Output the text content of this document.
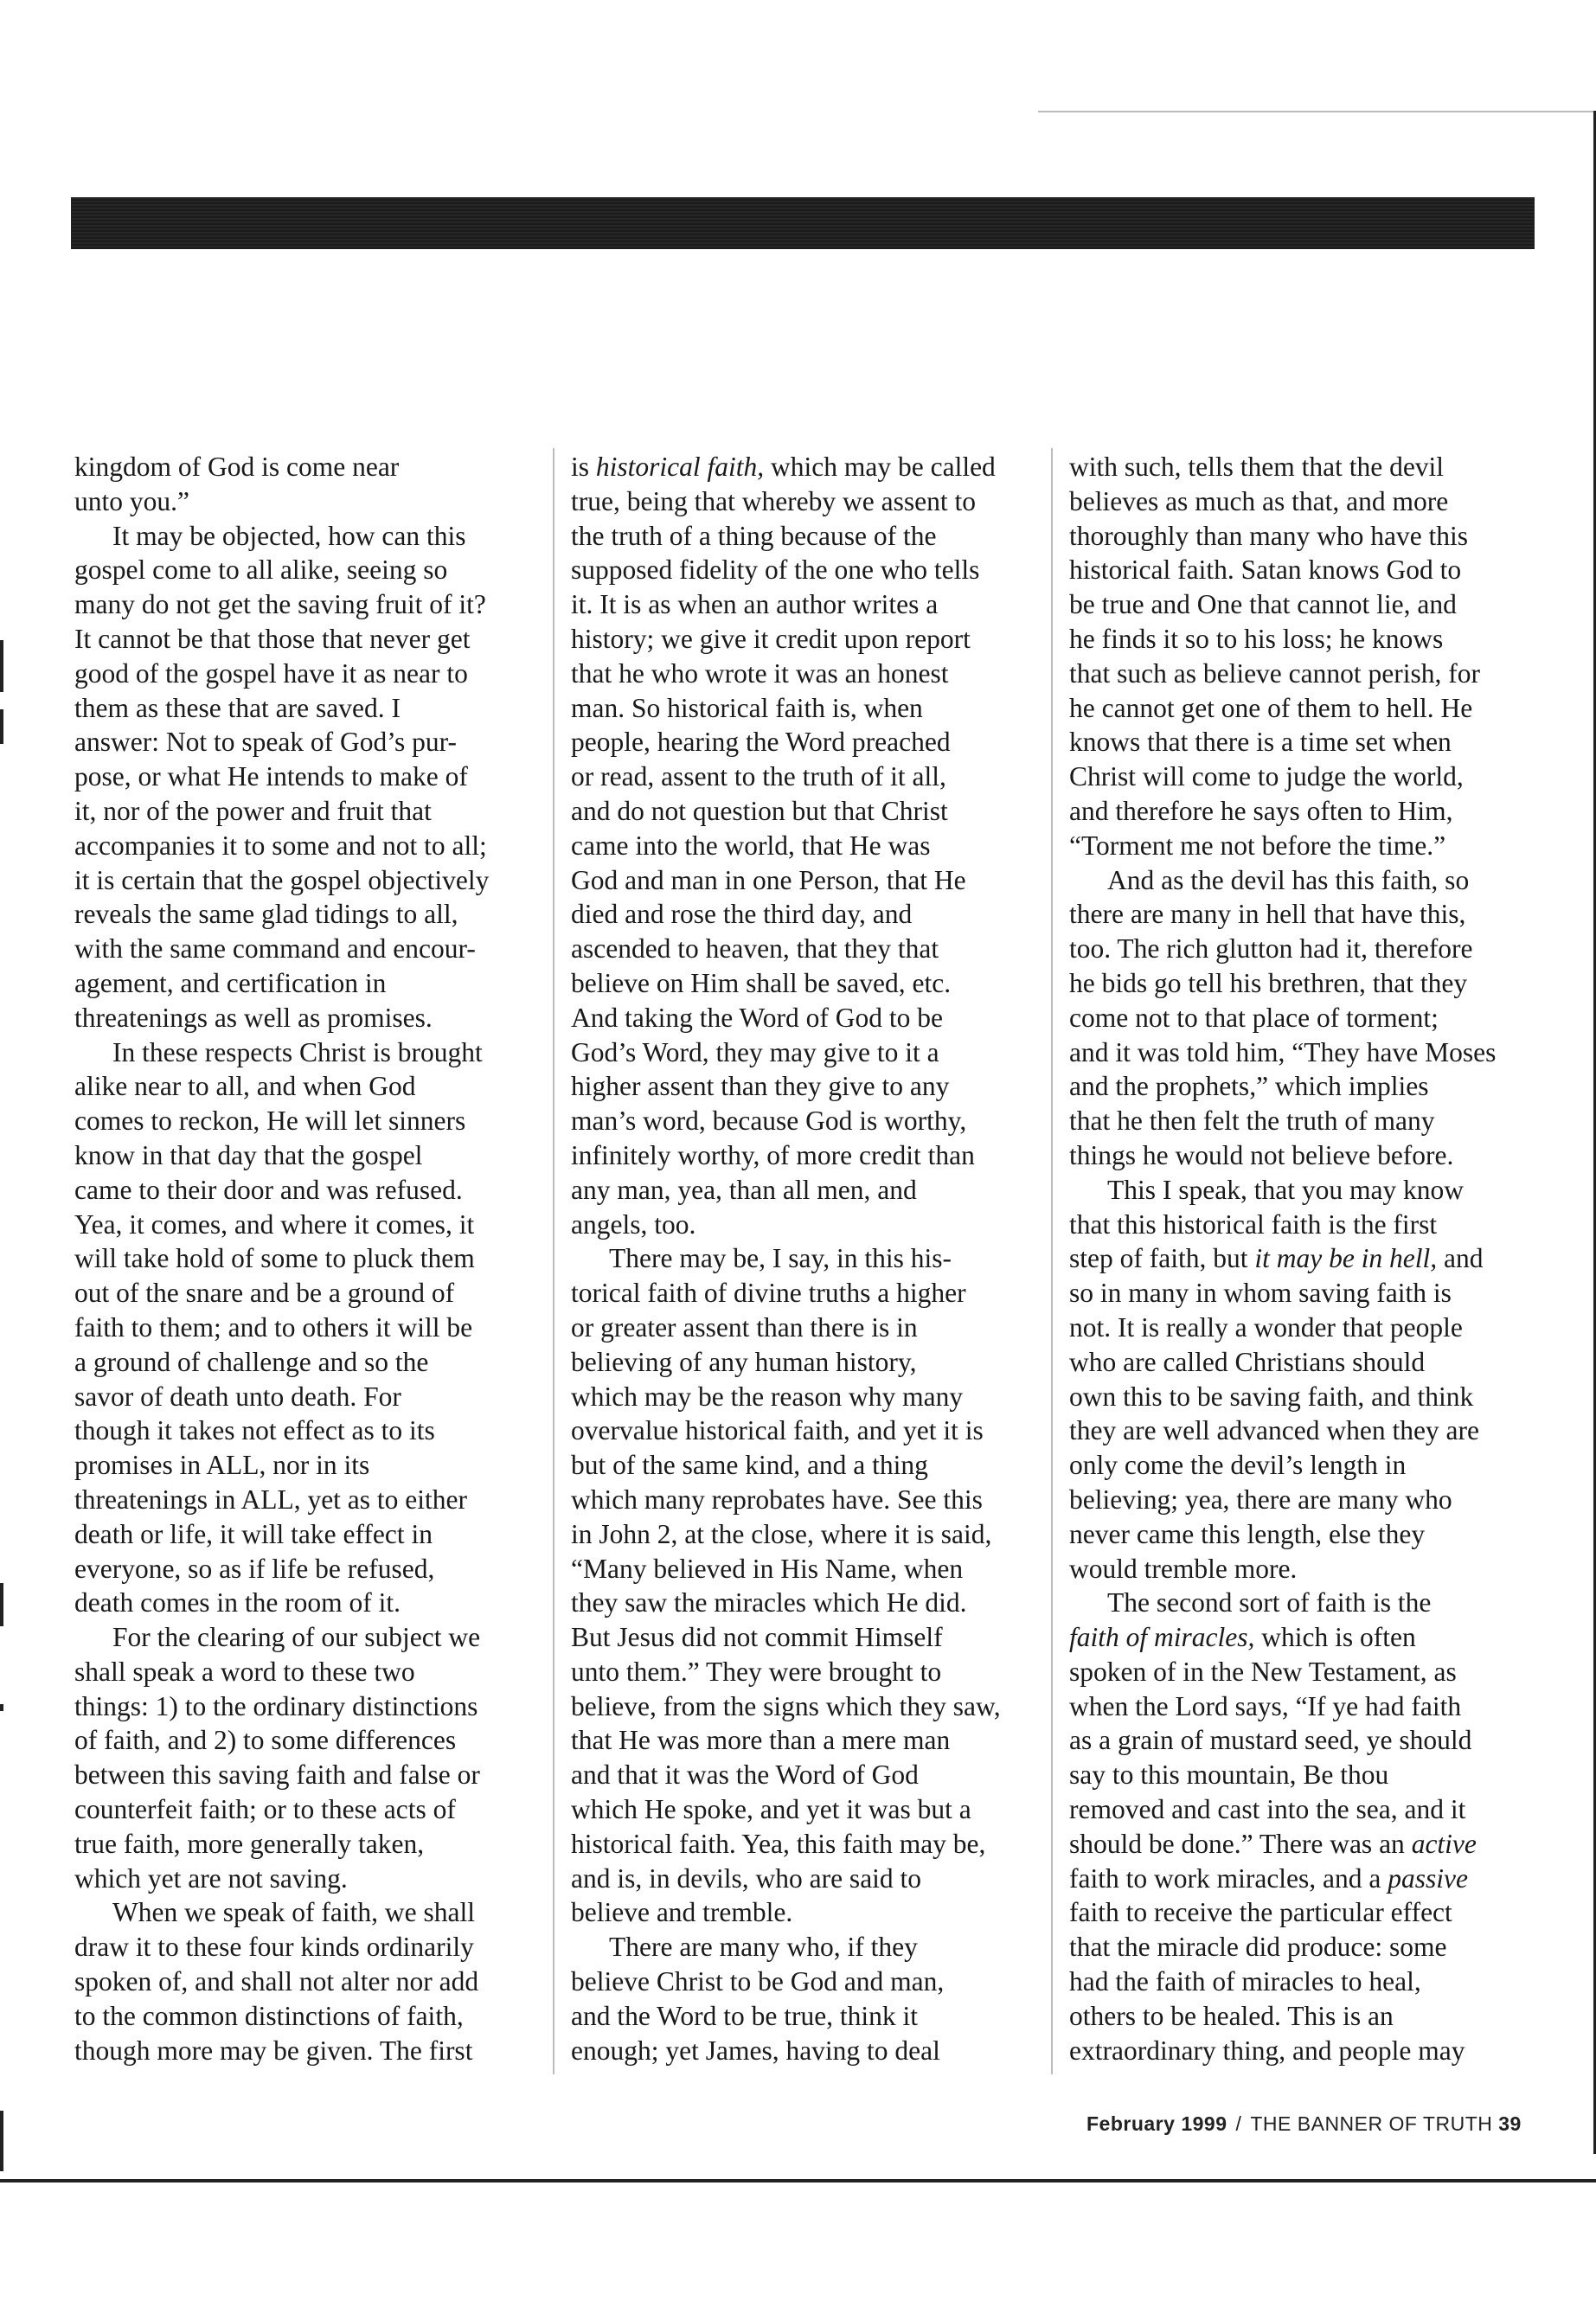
kingdom of God is come near
unto you.”
It may be objected, how can this
gospel come to all alike, seeing so
many do not get the saving fruit of it?
It cannot be that those that never get
good of the gospel have it as near to
them as these that are saved. I
answer: Not to speak of God’s pur-
pose, or what He intends to make of
it, nor of the power and fruit that
accompanies it to some and not to all;
it is certain that the gospel objectively
reveals the same glad tidings to all,
with the same command and encour-
agement, and certification in
threatenings as well as promises.
In these respects Christ is brought
alike near to all, and when God
comes to reckon, He will let sinners
know in that day that the gospel
came to their door and was refused.
Yea, it comes, and where it comes, it
will take hold of some to pluck them
out of the snare and be a ground of
faith to them; and to others it will be
a ground of challenge and so the
savor of death unto death. For
though it takes not effect as to its
promises in ALL, nor in its
threatenings in ALL, yet as to either
death or life, it will take effect in
everyone, so as if life be refused,
death comes in the room of it.
For the clearing of our subject we
shall speak a word to these two
things: 1) to the ordinary distinctions
of faith, and 2) to some differences
between this saving faith and false or
counterfeit faith; or to these acts of
true faith, more generally taken,
which yet are not saving.
When we speak of faith, we shall
draw it to these four kinds ordinarily
spoken of, and shall not alter nor add
to the common distinctions of faith,
though more may be given. The first
is historical faith, which may be called
true, being that whereby we assent to
the truth of a thing because of the
supposed fidelity of the one who tells
it. It is as when an author writes a
history; we give it credit upon report
that he who wrote it was an honest
man. So historical faith is, when
people, hearing the Word preached
or read, assent to the truth of it all,
and do not question but that Christ
came into the world, that He was
God and man in one Person, that He
died and rose the third day, and
ascended to heaven, that they that
believe on Him shall be saved, etc.
And taking the Word of God to be
God’s Word, they may give to it a
higher assent than they give to any
man’s word, because God is worthy,
infinitely worthy, of more credit than
any man, yea, than all men, and
angels, too.
There may be, I say, in this his-
torical faith of divine truths a higher
or greater assent than there is in
believing of any human history,
which may be the reason why many
overvalue historical faith, and yet it is
but of the same kind, and a thing
which many reprobates have. See this
in John 2, at the close, where it is said,
“Many believed in His Name, when
they saw the miracles which He did.
But Jesus did not commit Himself
unto them.” They were brought to
believe, from the signs which they saw,
that He was more than a mere man
and that it was the Word of God
which He spoke, and yet it was but a
historical faith. Yea, this faith may be,
and is, in devils, who are said to
believe and tremble.
There are many who, if they
believe Christ to be God and man,
and the Word to be true, think it
enough; yet James, having to deal
with such, tells them that the devil
believes as much as that, and more
thoroughly than many who have this
historical faith. Satan knows God to
be true and One that cannot lie, and
he finds it so to his loss; he knows
that such as believe cannot perish, for
he cannot get one of them to hell. He
knows that there is a time set when
Christ will come to judge the world,
and therefore he says often to Him,
“Torment me not before the time.”
And as the devil has this faith, so
there are many in hell that have this,
too. The rich glutton had it, therefore
he bids go tell his brethren, that they
come not to that place of torment;
and it was told him, “They have Moses
and the prophets,” which implies
that he then felt the truth of many
things he would not believe before.
This I speak, that you may know
that this historical faith is the first
step of faith, but it may be in hell, and
so in many in whom saving faith is
not. It is really a wonder that people
who are called Christians should
own this to be saving faith, and think
they are well advanced when they are
only come the devil’s length in
believing; yea, there are many who
never came this length, else they
would tremble more.
The second sort of faith is the
faith of miracles, which is often
spoken of in the New Testament, as
when the Lord says, “If ye had faith
as a grain of mustard seed, ye should
say to this mountain, Be thou
removed and cast into the sea, and it
should be done.” There was an active
faith to work miracles, and a passive
faith to receive the particular effect
that the miracle did produce: some
had the faith of miracles to heal,
others to be healed. This is an
extraordinary thing, and people may
February 1999 / THE BANNER OF TRUTH 39
